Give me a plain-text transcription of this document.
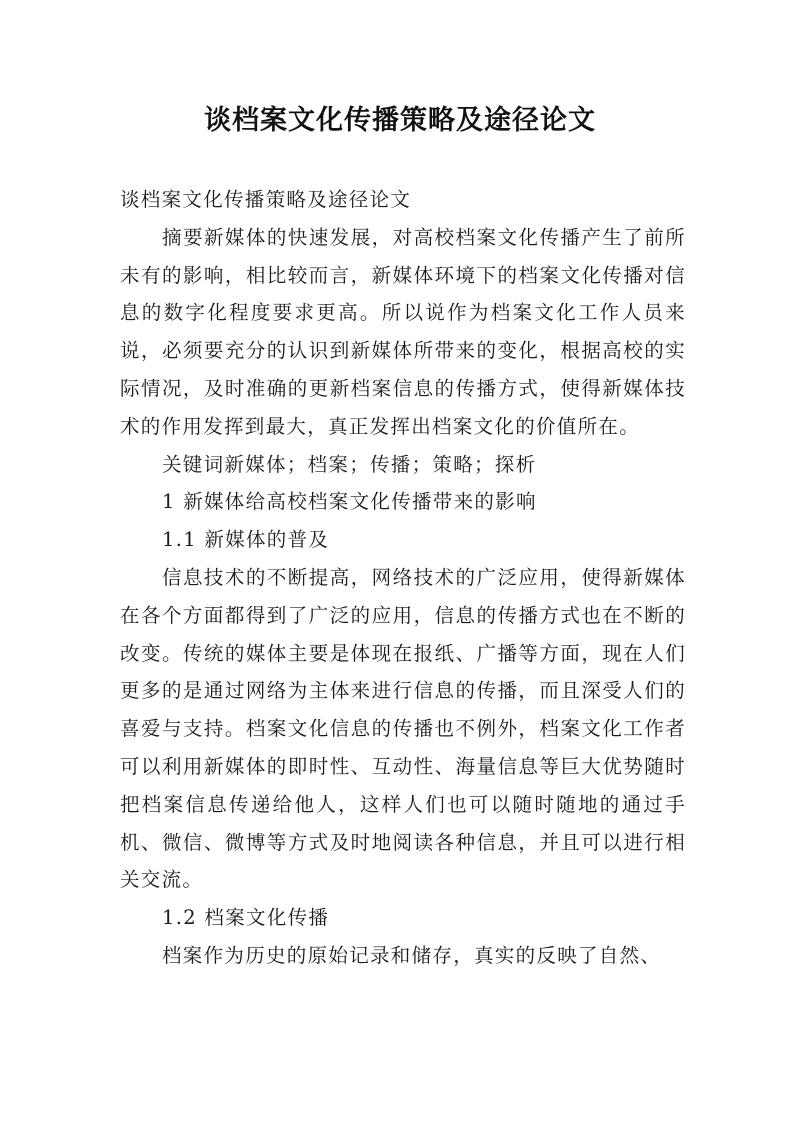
谈档案文化传播策略及途径论文

谈档案文化传播策略及途径论文

摘要新媒体的快速发展，对高校档案文化传播产生了前所未有的影响，相比较而言，新媒体环境下的档案文化传播对信息的数字化程度要求更高。所以说作为档案文化工作人员来说，必须要充分的认识到新媒体所带来的变化，根据高校的实际情况，及时准确的更新档案信息的传播方式，使得新媒体技术的作用发挥到最大，真正发挥出档案文化的价值所在。

关键词新媒体；档案；传播；策略；探析

1 新媒体给高校档案文化传播带来的影响

1.1 新媒体的普及

信息技术的不断提高，网络技术的广泛应用，使得新媒体在各个方面都得到了广泛的应用，信息的传播方式也在不断的改变。传统的媒体主要是体现在报纸、广播等方面，现在人们更多的是通过网络为主体来进行信息的传播，而且深受人们的喜爱与支持。档案文化信息的传播也不例外，档案文化工作者可以利用新媒体的即时性、互动性、海量信息等巨大优势随时把档案信息传递给他人，这样人们也可以随时随地的通过手机、微信、微博等方式及时地阅读各种信息，并且可以进行相关交流。

1.2 档案文化传播

档案作为历史的原始记录和储存，真实的反映了自然、
